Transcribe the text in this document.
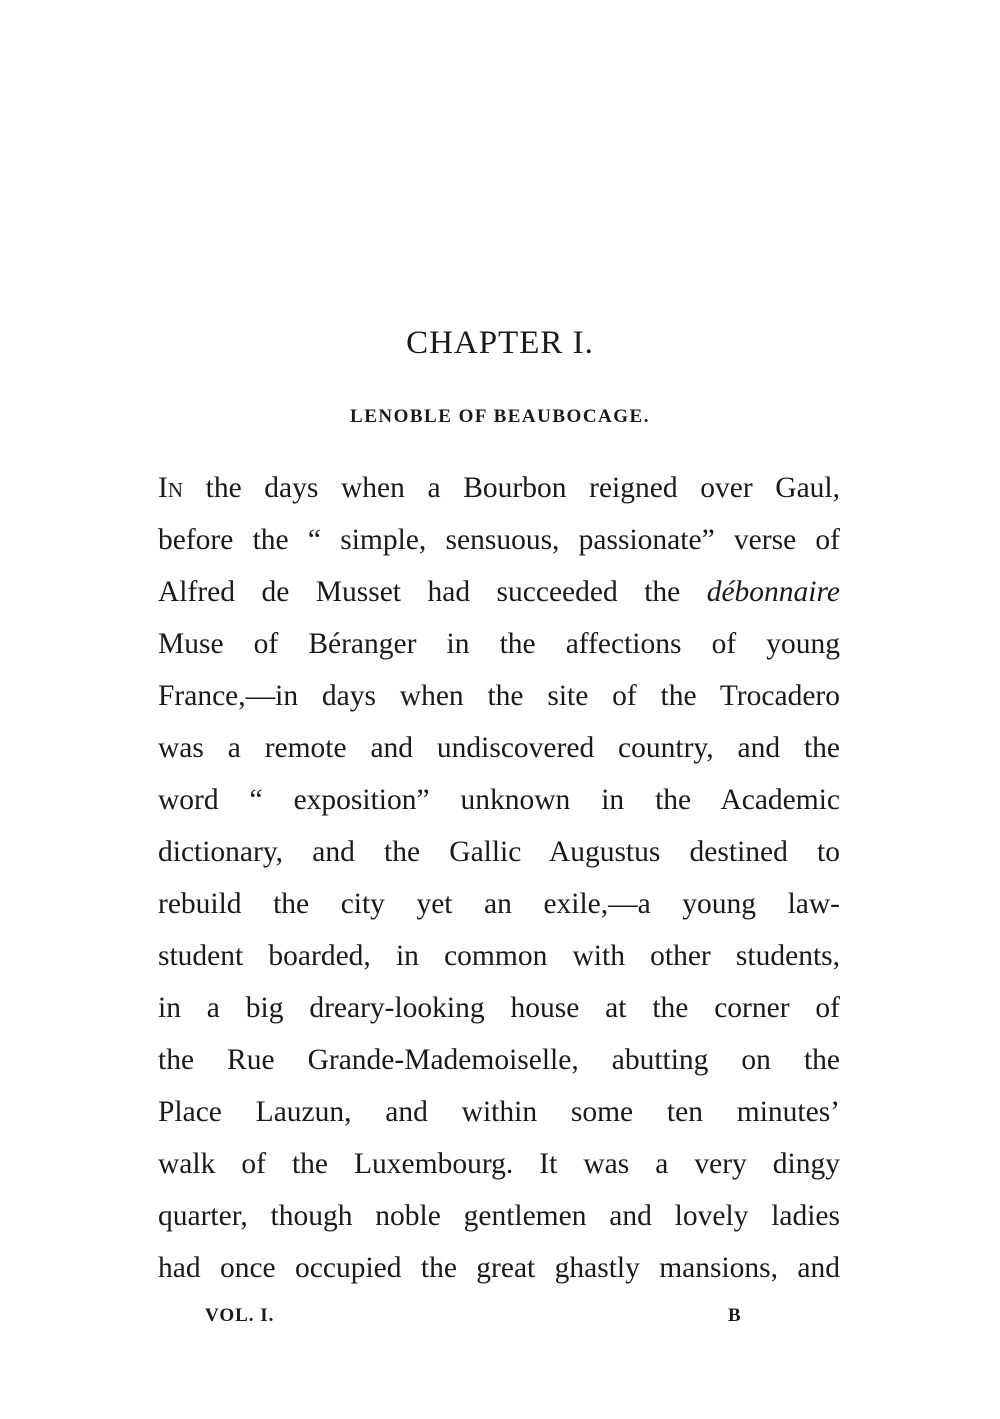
CHAPTER I.
LENOBLE OF BEAUBOCAGE.
In the days when a Bourbon reigned over Gaul,
before the “ simple, sensuous, passionate” verse of
Alfred de Musset had succeeded the débonnaire
Muse of Béranger in the affections of young
France,—in days when the site of the Trocadero
was a remote and undiscovered country, and the
word “ exposition” unknown in the Academic
dictionary, and the Gallic Augustus destined to
rebuild the city yet an exile,—a young law-
student boarded, in common with other students,
in a big dreary-looking house at the corner of
the Rue Grande-Mademoiselle, abutting on the
Place Lauzun, and within some ten minutes’
walk of the Luxembourg. It was a very dingy
quarter, though noble gentlemen and lovely ladies
had once occupied the great ghastly mansions, and
VOL. I.	B
